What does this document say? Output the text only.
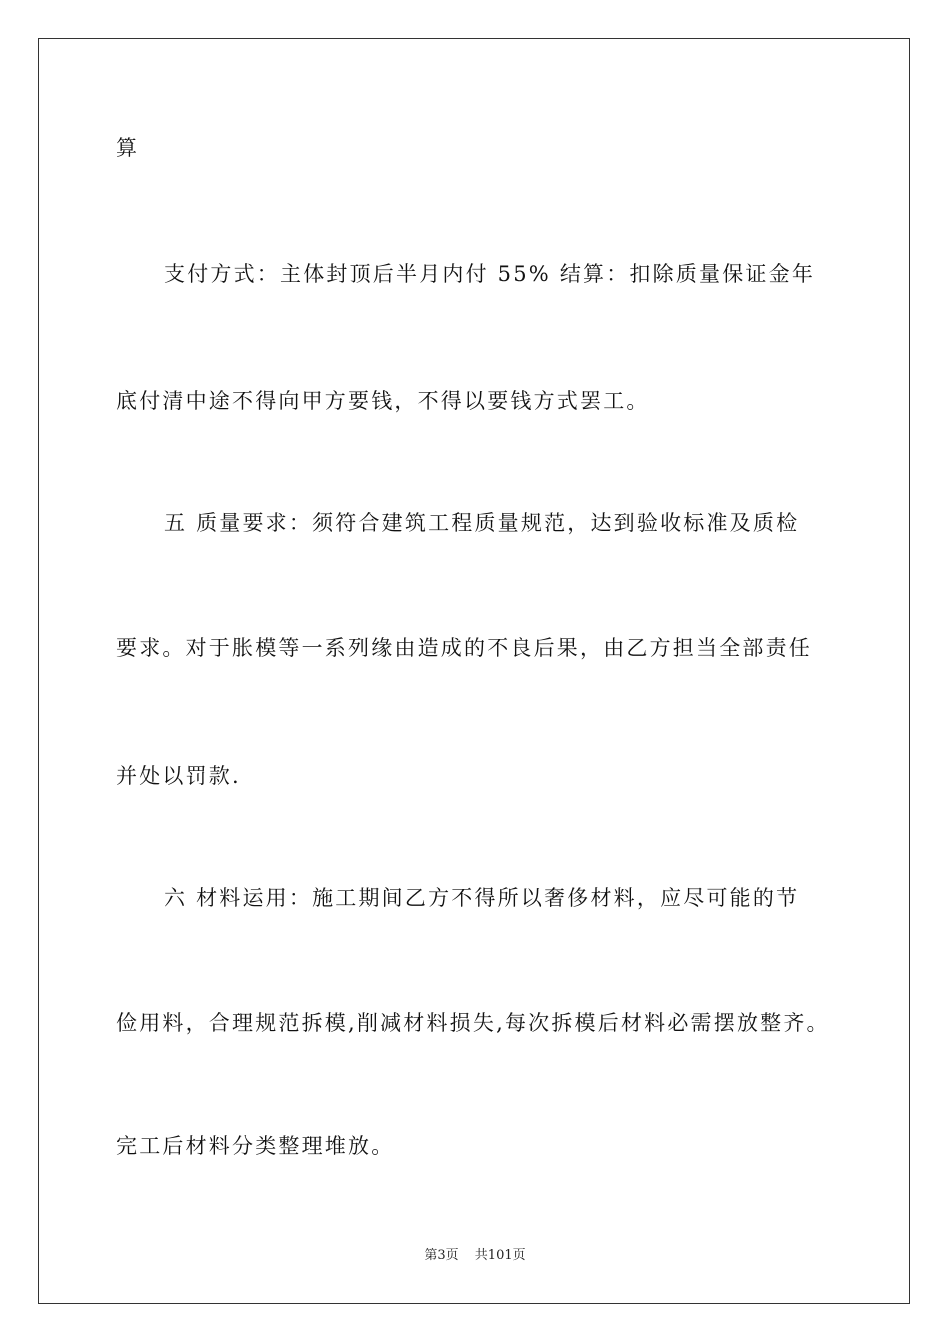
算
支付方式：主体封顶后半月内付 55% 结算：扣除质量保证金年
底付清中途不得向甲方要钱，不得以要钱方式罢工。
五 质量要求：须符合建筑工程质量规范，达到验收标准及质检
要求。对于胀模等一系列缘由造成的不良后果，由乙方担当全部责任
并处以罚款.
六 材料运用：施工期间乙方不得所以奢侈材料，应尽可能的节
俭用料，合理规范拆模,削减材料损失,每次拆模后材料必需摆放整齐。
完工后材料分类整理堆放。
第3页 共101页
